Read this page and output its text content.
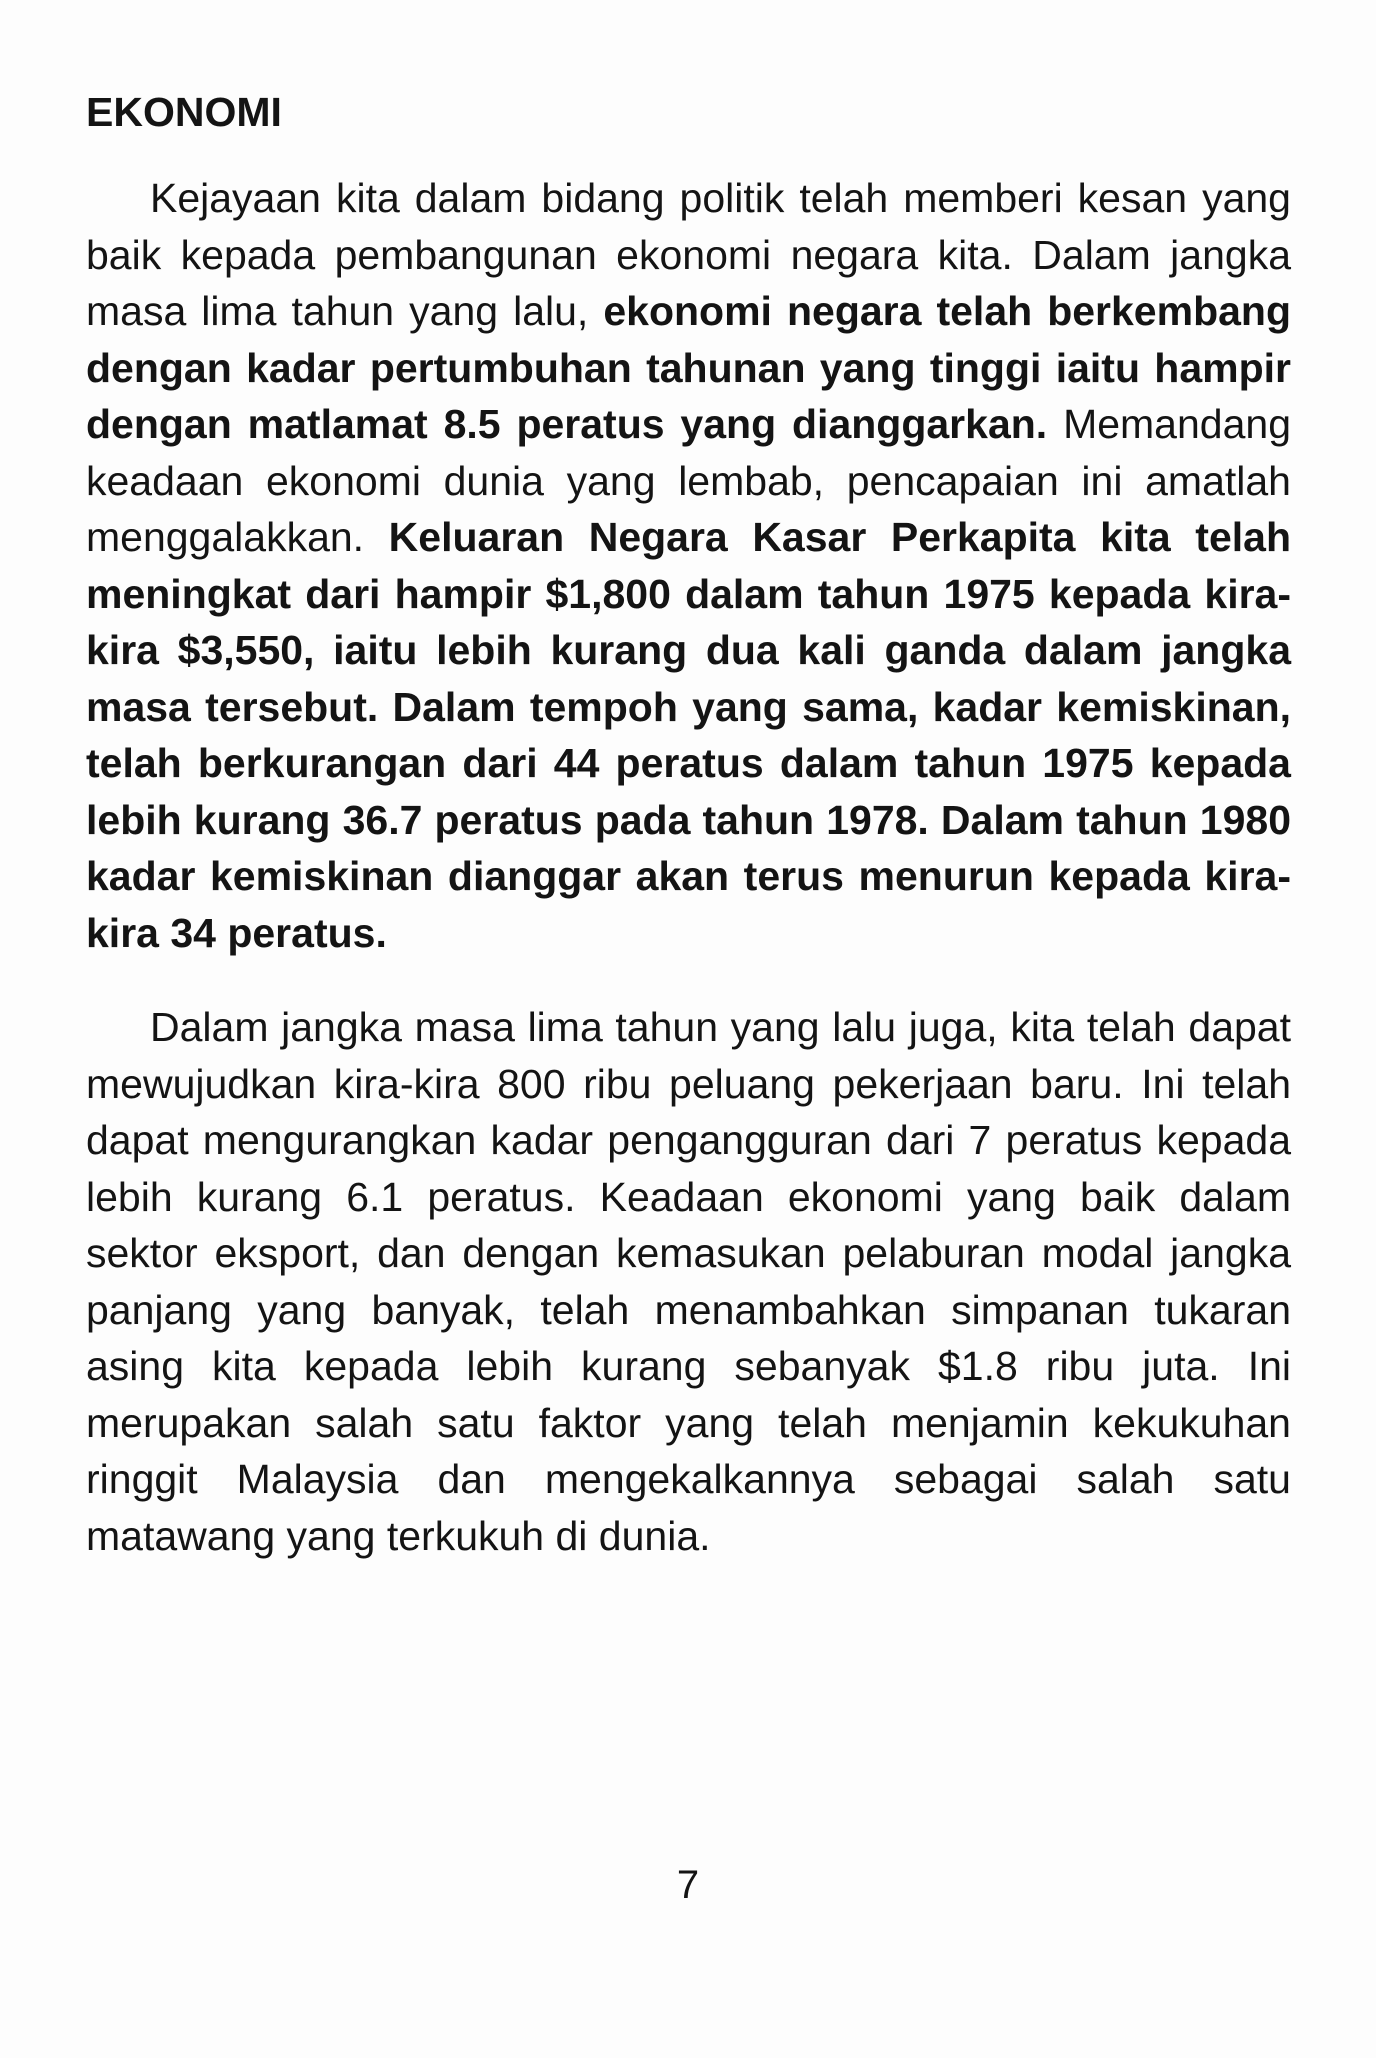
EKONOMI

Kejayaan kita dalam bidang politik telah memberi kesan yang baik kepada pembangunan ekonomi negara kita. Dalam jangka masa lima tahun yang lalu, ekonomi negara telah berkembang dengan kadar pertumbuhan tahunan yang tinggi iaitu hampir dengan matlamat 8.5 peratus yang dianggarkan. Memandang keadaan ekonomi dunia yang lembab, pencapaian ini amatlah menggalakkan. Keluaran Negara Kasar Perkapita kita telah meningkat dari hampir $1,800 dalam tahun 1975 kepada kira-kira $3,550, iaitu lebih kurang dua kali ganda dalam jangka masa tersebut. Dalam tempoh yang sama, kadar kemiskinan, telah berkurangan dari 44 peratus dalam tahun 1975 kepada lebih kurang 36.7 peratus pada tahun 1978. Dalam tahun 1980 kadar kemiskinan dianggar akan terus menurun kepada kira-kira 34 peratus.

Dalam jangka masa lima tahun yang lalu juga, kita telah dapat mewujudkan kira-kira 800 ribu peluang pekerjaan baru. Ini telah dapat mengurangkan kadar pengangguran dari 7 peratus kepada lebih kurang 6.1 peratus. Keadaan ekonomi yang baik dalam sektor eksport, dan dengan kemasukan pelaburan modal jangka panjang yang banyak, telah menambahkan simpanan tukaran asing kita kepada lebih kurang sebanyak $1.8 ribu juta. Ini merupakan salah satu faktor yang telah menjamin kekukuhan ringgit Malaysia dan mengekalkannya sebagai salah satu matawang yang terkukuh di dunia.

7
